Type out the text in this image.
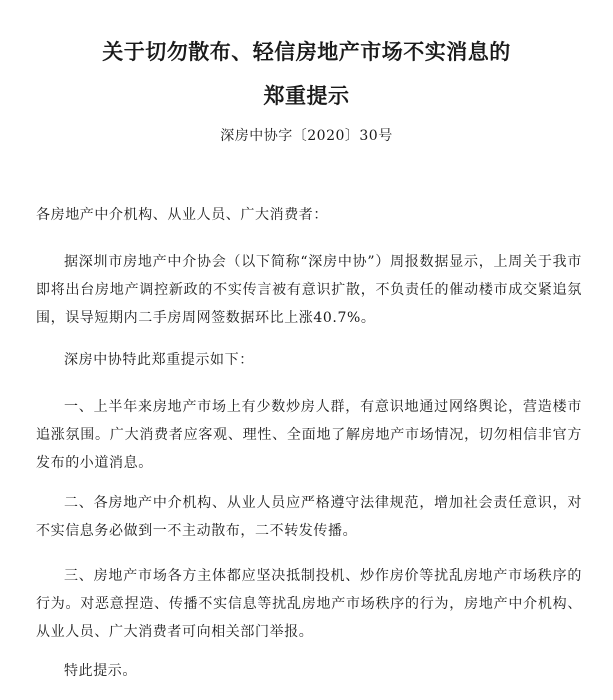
关于切勿散布、轻信房地产市场不实消息的
郑重提示
深房中协字〔2020〕30号

各房地产中介机构、从业人员、广大消费者：

据深圳市房地产中介协会（以下简称“深房中协”）周报数据显示，上周关于我市即将出台房地产调控新政的不实传言被有意识扩散，不负责任的催动楼市成交紧追氛围，误导短期内二手房周网签数据环比上涨40.7%。

深房中协特此郑重提示如下：

一、上半年来房地产市场上有少数炒房人群，有意识地通过网络舆论，营造楼市追涨氛围。广大消费者应客观、理性、全面地了解房地产市场情况，切勿相信非官方发布的小道消息。

二、各房地产中介机构、从业人员应严格遵守法律规范，增加社会责任意识，对不实信息务必做到一不主动散布，二不转发传播。

三、房地产市场各方主体都应坚决抵制投机、炒作房价等扰乱房地产市场秩序的行为。对恶意捏造、传播不实信息等扰乱房地产市场秩序的行为，房地产中介机构、从业人员、广大消费者可向相关部门举报。

特此提示。
